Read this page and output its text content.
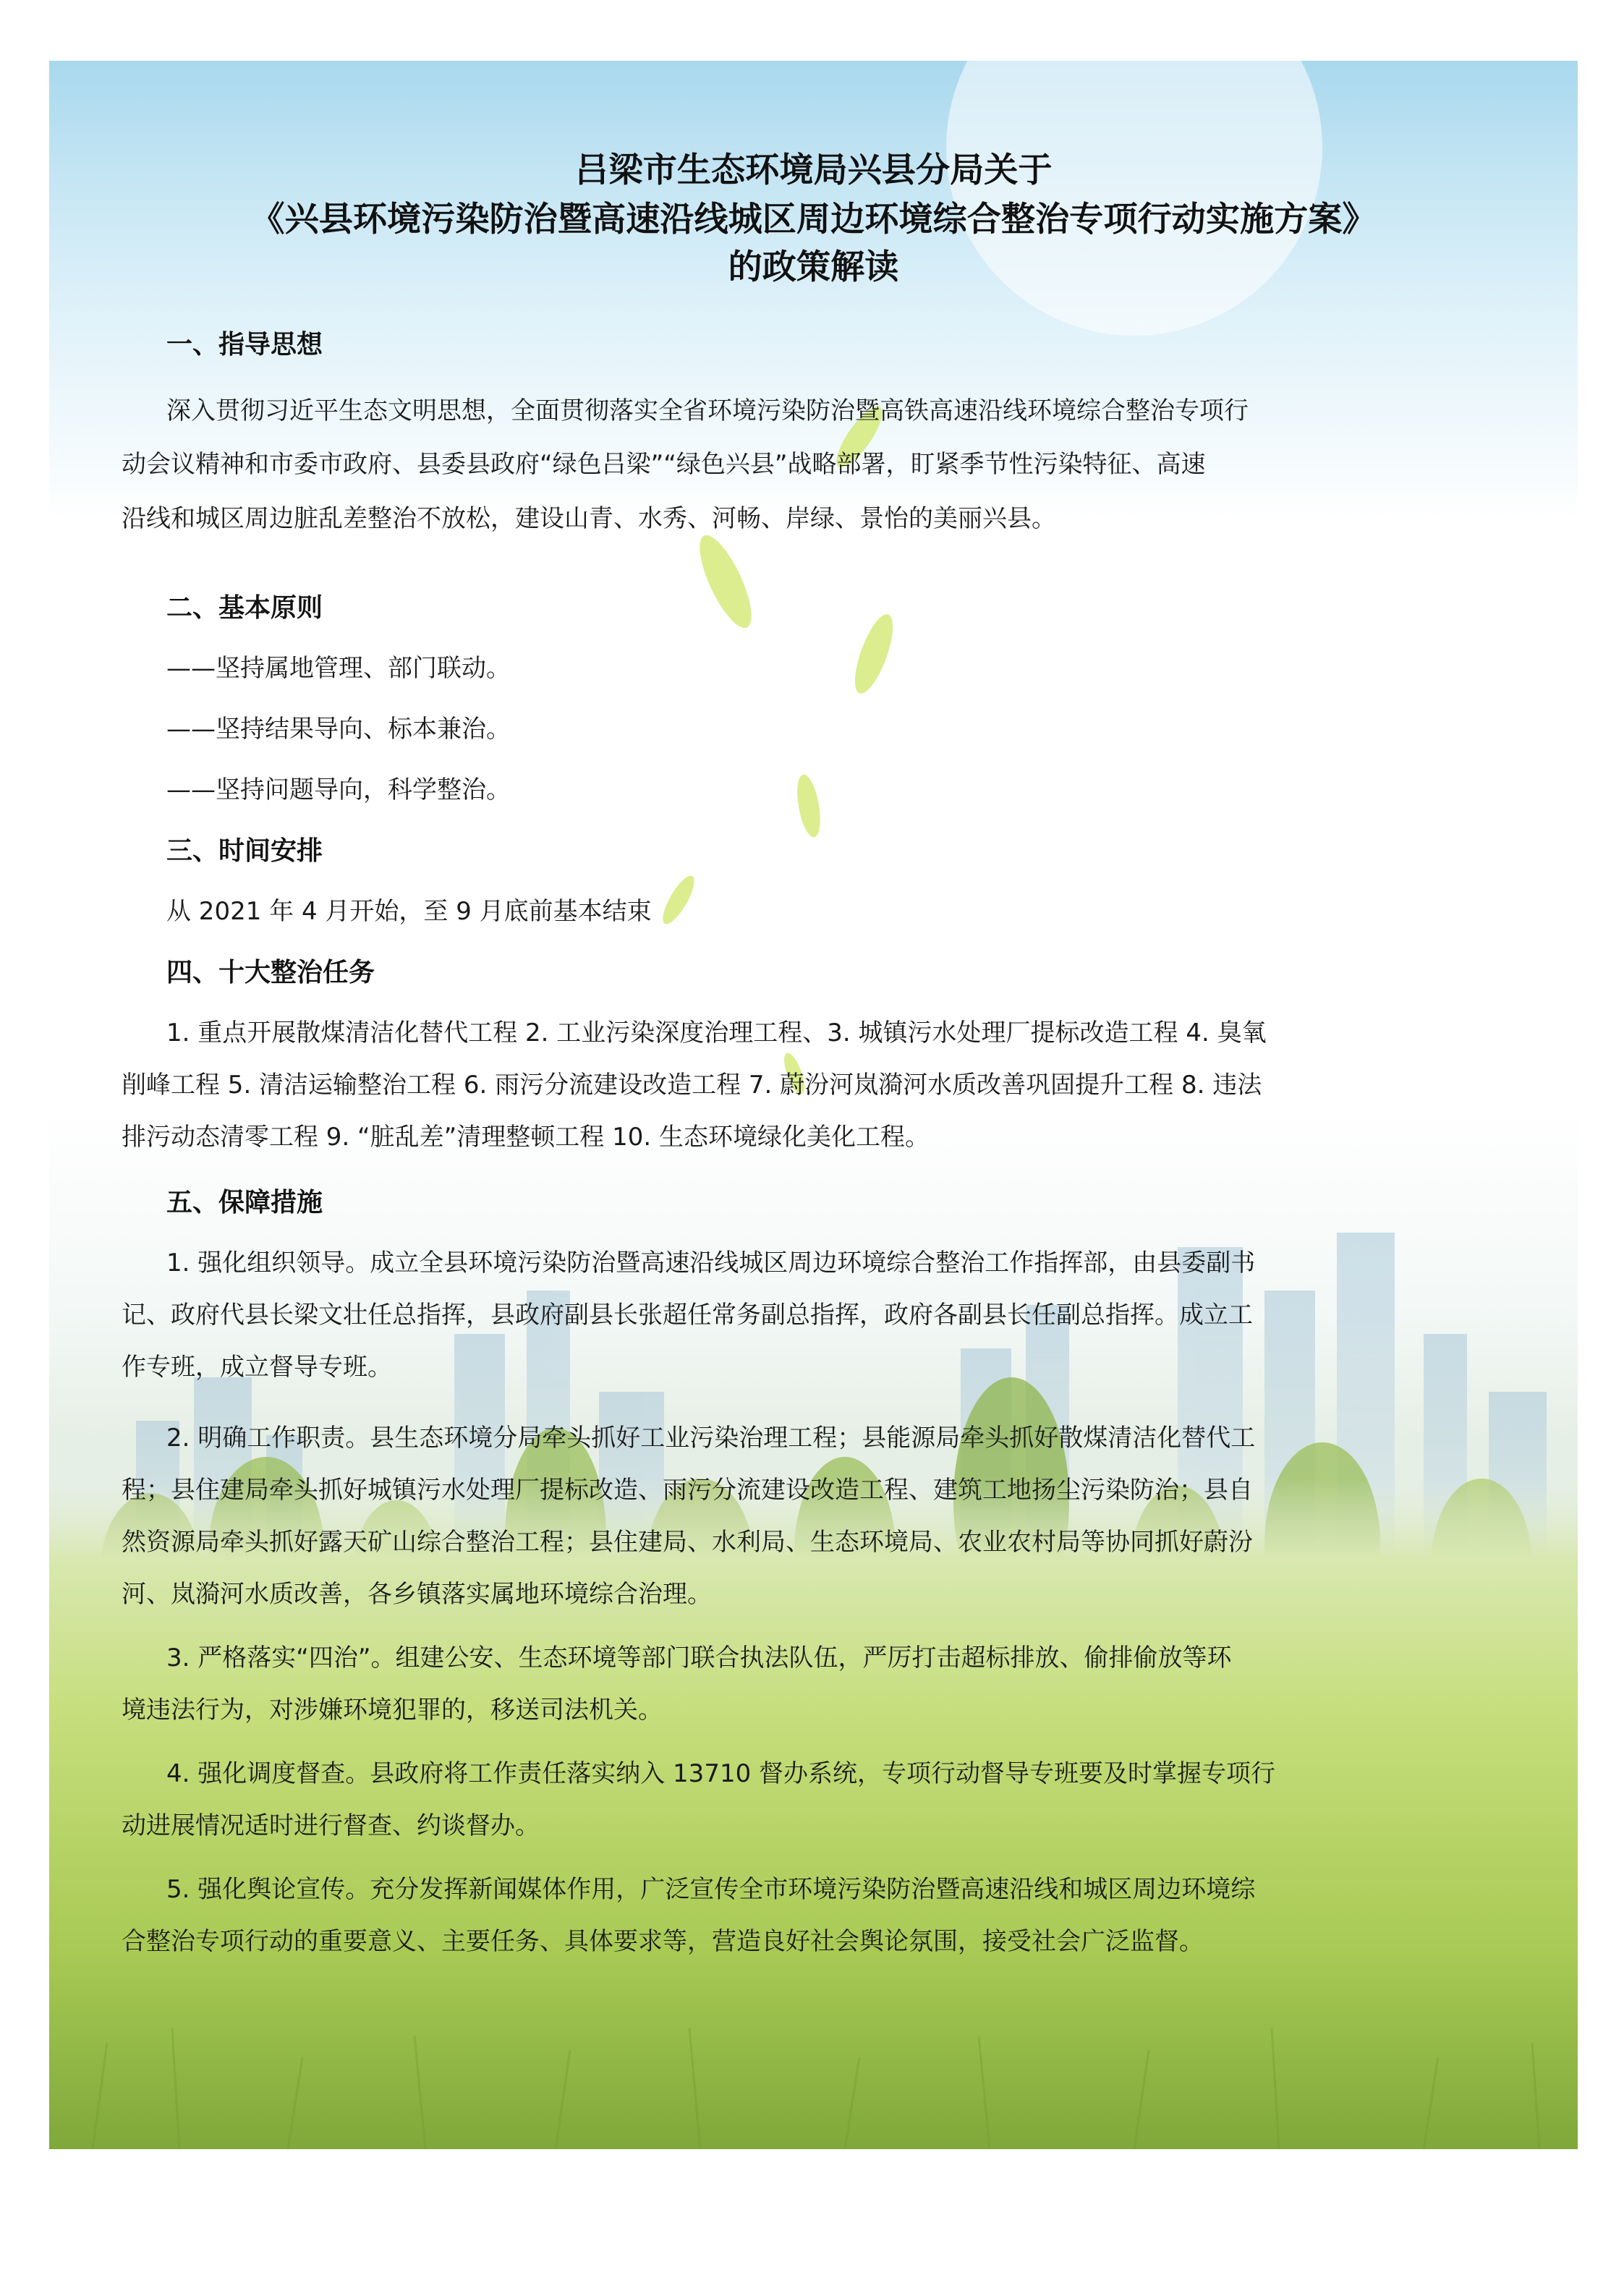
吕梁市生态环境局兴县分局关于
《兴县环境污染防治暨高速沿线城区周边环境综合整治专项行动实施方案》
的政策解读
一、指导思想
深入贯彻习近平生态文明思想，全面贯彻落实全省环境污染防治暨高铁高速沿线环境综合整治专项行
动会议精神和市委市政府、县委县政府“绿色吕梁”“绿色兴县”战略部署，盯紧季节性污染特征、高速
沿线和城区周边脏乱差整治不放松，建设山青、水秀、河畅、岸绿、景怡的美丽兴县。
二、基本原则
——坚持属地管理、部门联动。
——坚持结果导向、标本兼治。
——坚持问题导向，科学整治。
三、时间安排
从 2021 年 4 月开始，至 9 月底前基本结束
四、十大整治任务
1. 重点开展散煤清洁化替代工程 2. 工业污染深度治理工程、3. 城镇污水处理厂提标改造工程 4. 臭氧
削峰工程 5. 清洁运输整治工程 6. 雨污分流建设改造工程 7. 蔚汾河岚漪河水质改善巩固提升工程 8. 违法
排污动态清零工程 9. “脏乱差”清理整顿工程 10. 生态环境绿化美化工程。
五、保障措施
1. 强化组织领导。成立全县环境污染防治暨高速沿线城区周边环境综合整治工作指挥部，由县委副书
记、政府代县长梁文壮任总指挥，县政府副县长张超任常务副总指挥，政府各副县长任副总指挥。成立工
作专班，成立督导专班。
2. 明确工作职责。县生态环境分局牵头抓好工业污染治理工程；县能源局牵头抓好散煤清洁化替代工
程；县住建局牵头抓好城镇污水处理厂提标改造、雨污分流建设改造工程、建筑工地扬尘污染防治；县自
然资源局牵头抓好露天矿山综合整治工程；县住建局、水利局、生态环境局、农业农村局等协同抓好蔚汾
河、岚漪河水质改善，各乡镇落实属地环境综合治理。
3. 严格落实“四治”。组建公安、生态环境等部门联合执法队伍，严厉打击超标排放、偷排偷放等环
境违法行为，对涉嫌环境犯罪的，移送司法机关。
4. 强化调度督查。县政府将工作责任落实纳入 13710 督办系统，专项行动督导专班要及时掌握专项行
动进展情况适时进行督查、约谈督办。
5. 强化舆论宣传。充分发挥新闻媒体作用，广泛宣传全市环境污染防治暨高速沿线和城区周边环境综
合整治专项行动的重要意义、主要任务、具体要求等，营造良好社会舆论氛围，接受社会广泛监督。
